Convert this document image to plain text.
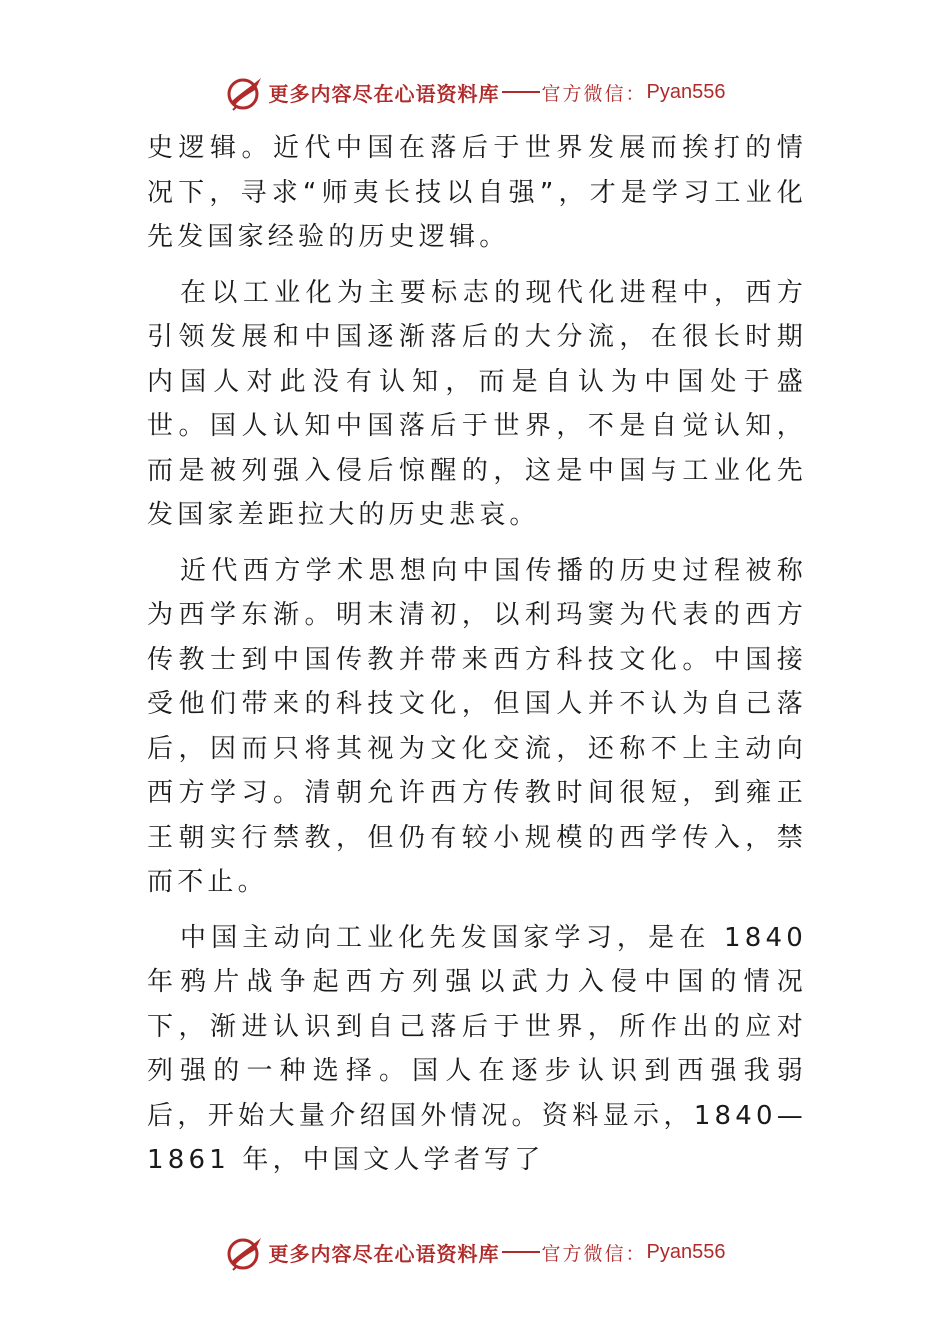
更多内容尽在心语资料库 官方微信： Pyan556

史逻辑。近代中国在落后于世界发展而挨打的情况下，寻求“师夷长技以自强”，才是学习工业化先发国家经验的历史逻辑。

在以工业化为主要标志的现代化进程中，西方引领发展和中国逐渐落后的大分流，在很长时期内国人对此没有认知，而是自认为中国处于盛世。国人认知中国落后于世界，不是自觉认知，而是被列强入侵后惊醒的，这是中国与工业化先发国家差距拉大的历史悲哀。

近代西方学术思想向中国传播的历史过程被称为西学东渐。明末清初，以利玛窦为代表的西方传教士到中国传教并带来西方科技文化。中国接受他们带来的科技文化，但国人并不认为自己落后，因而只将其视为文化交流，还称不上主动向西方学习。清朝允许西方传教时间很短，到雍正王朝实行禁教，但仍有较小规模的西学传入，禁而不止。

中国主动向工业化先发国家学习，是在 1840 年鸦片战争起西方列强以武力入侵中国的情况下，渐进认识到自己落后于世界，所作出的应对列强的一种选择。国人在逐步认识到西强我弱后，开始大量介绍国外情况。资料显示，1840—1861 年，中国文人学者写了

更多内容尽在心语资料库 官方微信： Pyan556
